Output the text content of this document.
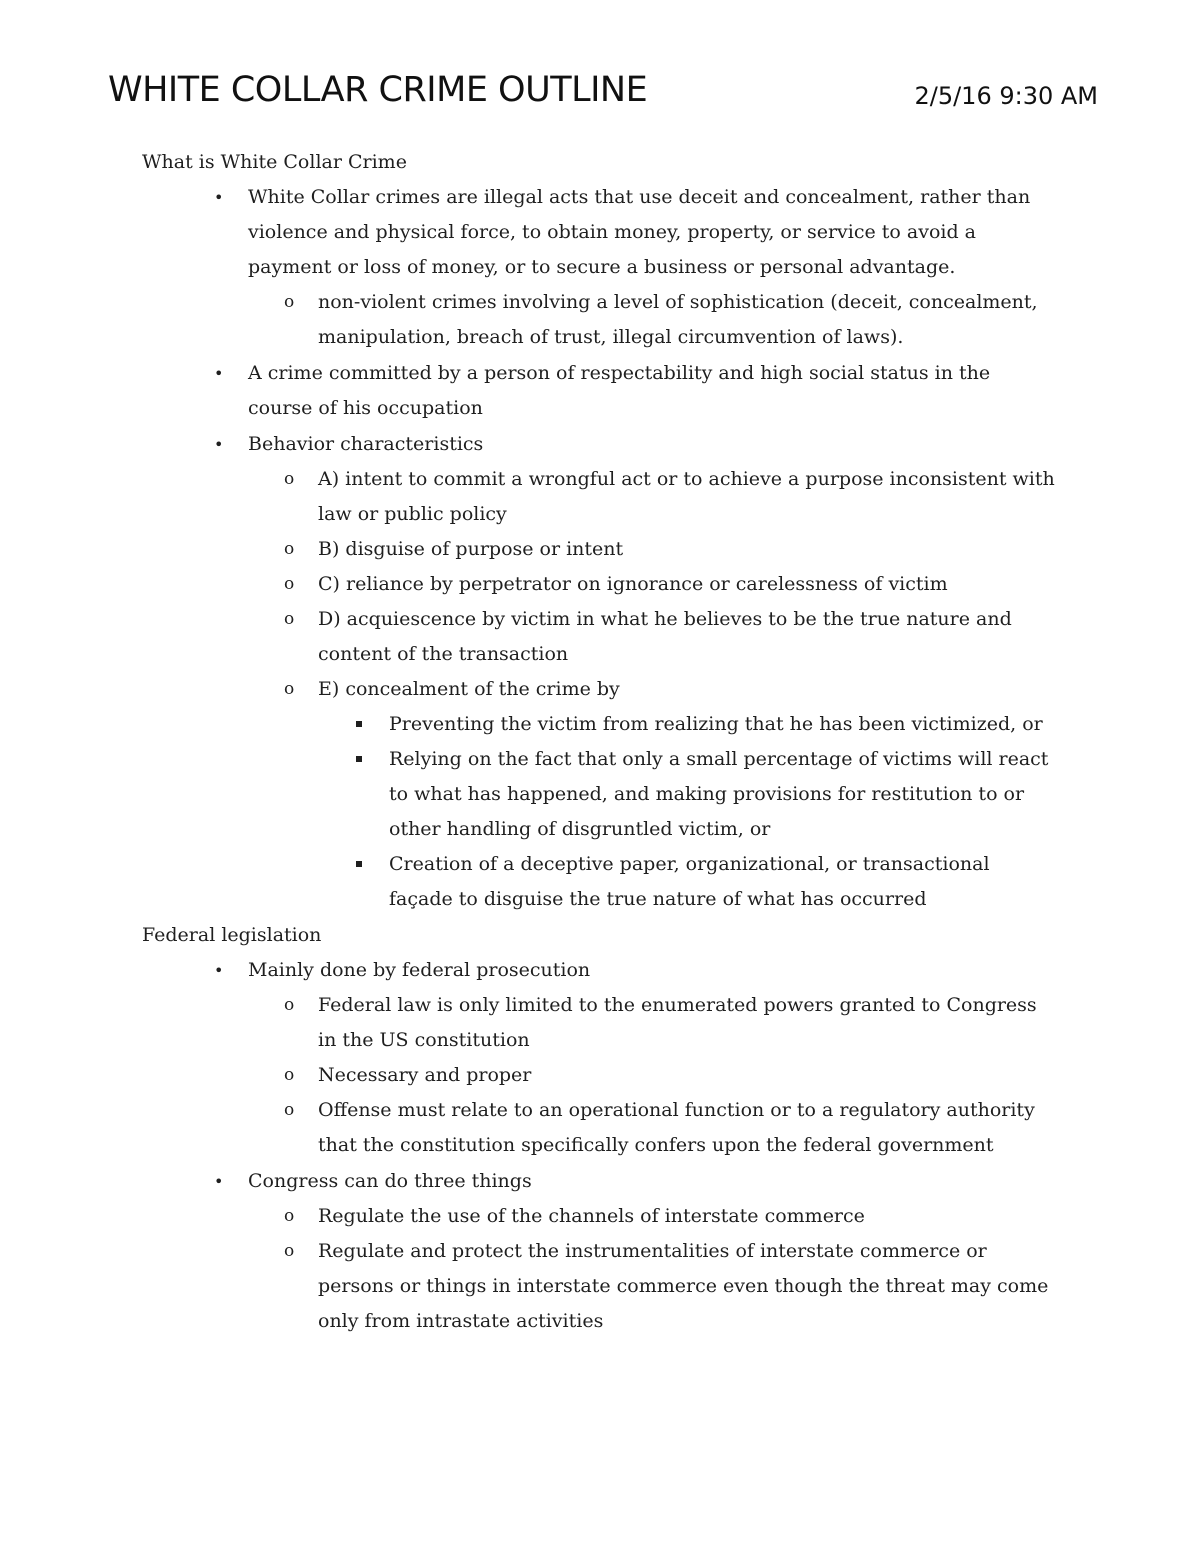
WHITE COLLAR CRIME OUTLINE	2/5/16 9:30 AM

What is White Collar Crime

• White Collar crimes are illegal acts that use deceit and concealment, rather than violence and physical force, to obtain money, property, or service to avoid a payment or loss of money, or to secure a business or personal advantage.
o non-violent crimes involving a level of sophistication (deceit, concealment, manipulation, breach of trust, illegal circumvention of laws).
• A crime committed by a person of respectability and high social status in the course of his occupation
• Behavior characteristics
o A) intent to commit a wrongful act or to achieve a purpose inconsistent with law or public policy
o B) disguise of purpose or intent
o C) reliance by perpetrator on ignorance or carelessness of victim
o D) acquiescence by victim in what he believes to be the true nature and content of the transaction
o E) concealment of the crime by
Preventing the victim from realizing that he has been victimized, or
Relying on the fact that only a small percentage of victims will react to what has happened, and making provisions for restitution to or other handling of disgruntled victim, or
Creation of a deceptive paper, organizational, or transactional façade to disguise the true nature of what has occurred

Federal legislation

• Mainly done by federal prosecution
o Federal law is only limited to the enumerated powers granted to Congress in the US constitution
o Necessary and proper
o Offense must relate to an operational function or to a regulatory authority that the constitution specifically confers upon the federal government
• Congress can do three things
o Regulate the use of the channels of interstate commerce
o Regulate and protect the instrumentalities of interstate commerce or persons or things in interstate commerce even though the threat may come only from intrastate activities
